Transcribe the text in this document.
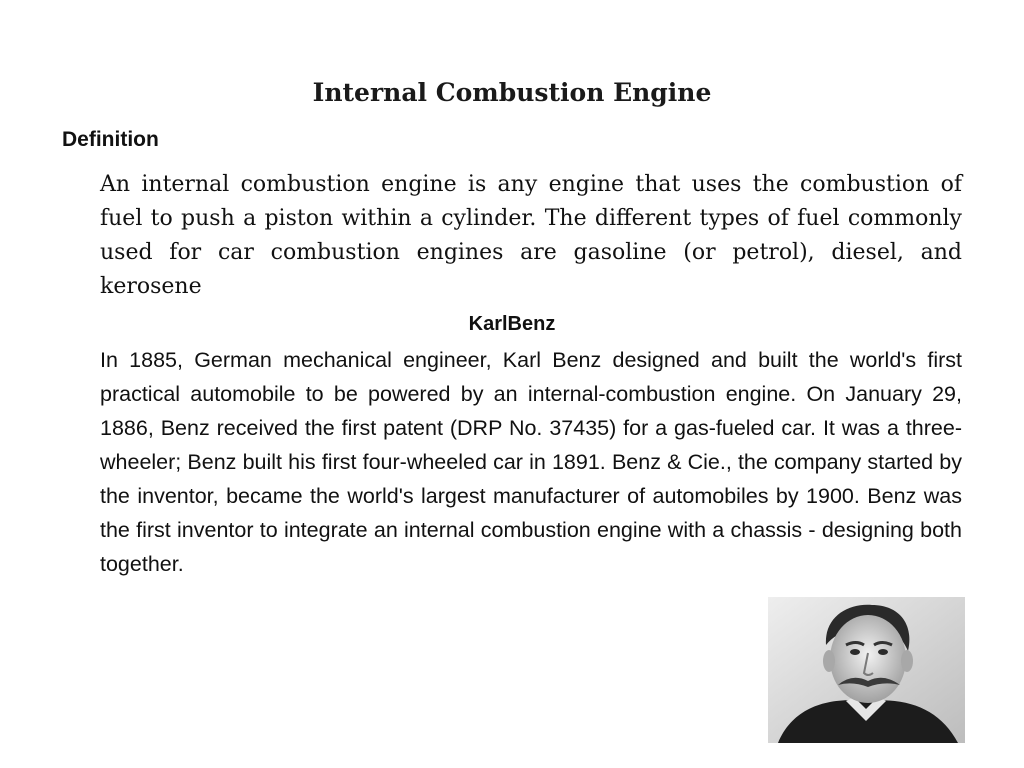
Internal Combustion Engine
Definition

An internal combustion engine is any engine that uses the combustion of fuel to push a piston within a cylinder. The different types of fuel commonly used for car combustion engines are gasoline (or petrol), diesel, and kerosene

KarlBenz

In 1885, German mechanical engineer, Karl Benz designed and built the world's first practical automobile to be powered by an internal-combustion engine. On January 29, 1886, Benz received the first patent (DRP No. 37435) for a gas-fueled car. It was a three-wheeler; Benz built his first four-wheeled car in 1891. Benz & Cie., the company started by the inventor, became the world's largest manufacturer of automobiles by 1900. Benz was the first inventor to integrate an internal combustion engine with a chassis - designing both together.
